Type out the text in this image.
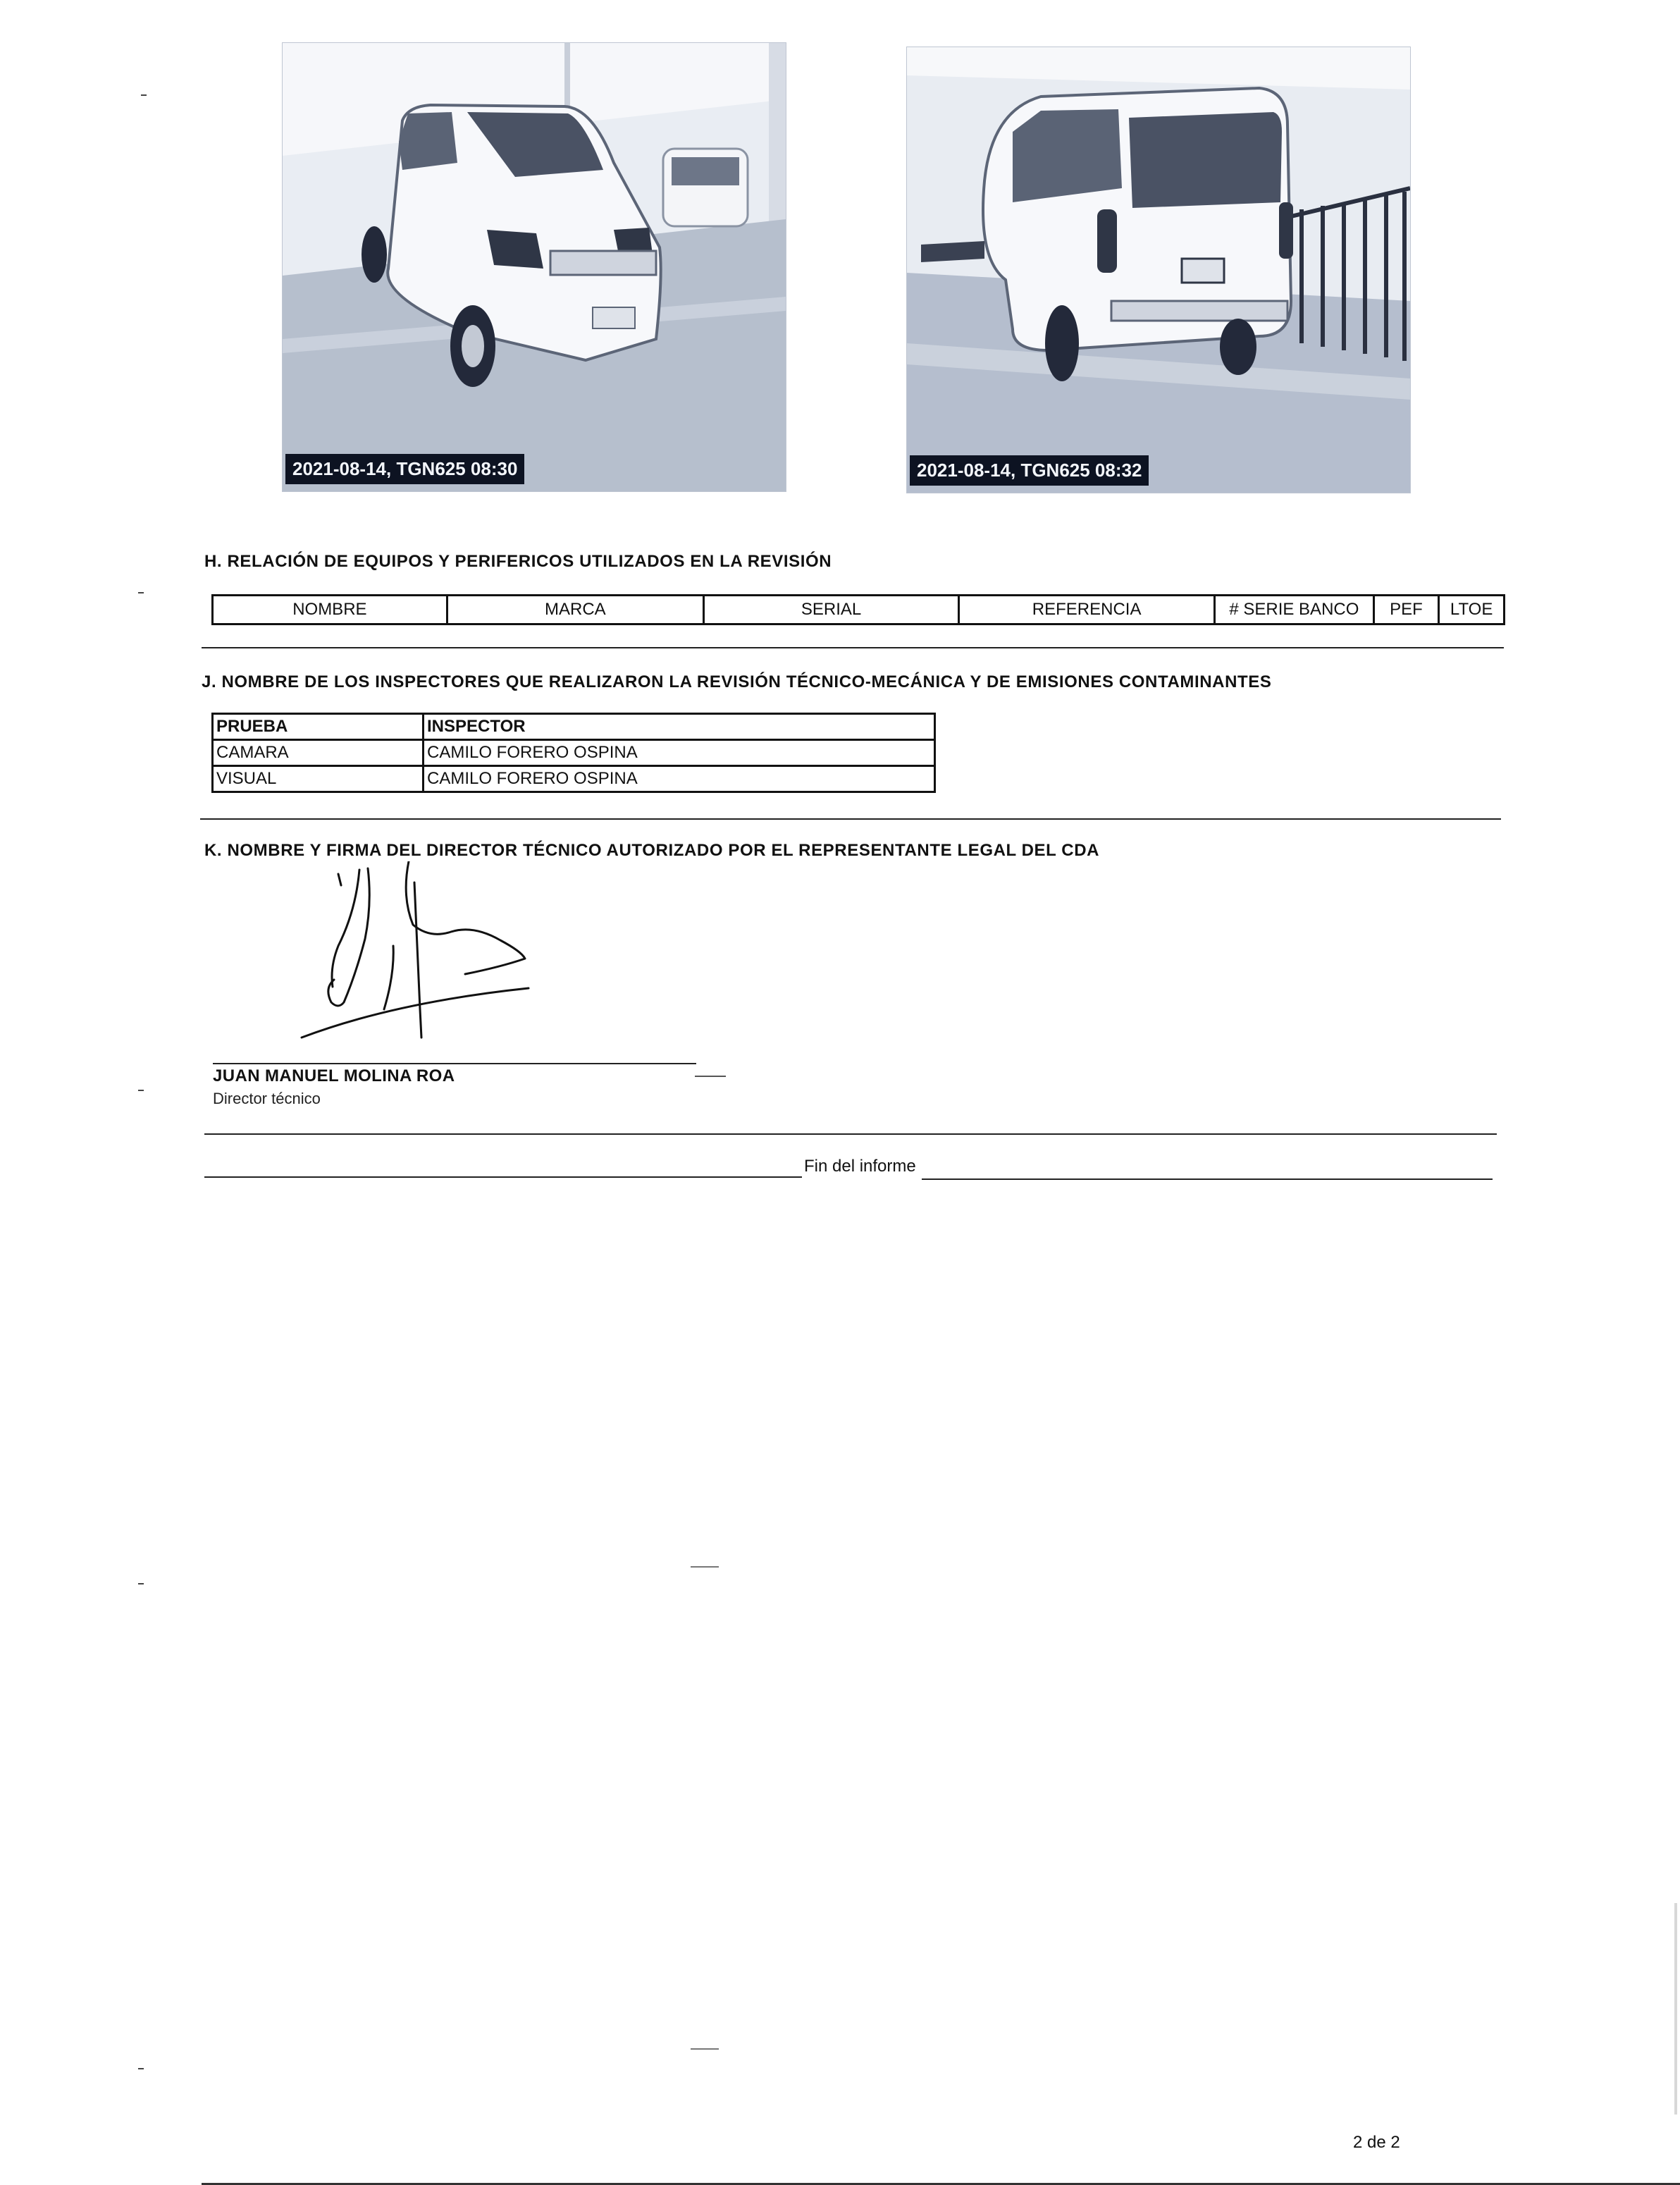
2021-08-14, TGN625 08:30	2021-08-14, TGN625 08:32
H. RELACIÓN DE EQUIPOS Y PERIFERICOS UTILIZADOS EN LA REVISIÓN
NOMBRE	MARCA	SERIAL	REFERENCIA	# SERIE BANCO	PEF	LTOE
J. NOMBRE DE LOS INSPECTORES QUE REALIZARON LA REVISIÓN TÉCNICO-MECÁNICA Y DE EMISIONES CONTAMINANTES
PRUEBA	INSPECTOR
CAMARA	CAMILO FORERO OSPINA
VISUAL	CAMILO FORERO OSPINA
K. NOMBRE Y FIRMA DEL DIRECTOR TÉCNICO AUTORIZADO POR EL REPRESENTANTE LEGAL DEL CDA
JUAN MANUEL MOLINA ROA
Director técnico
Fin del informe
2 de 2
